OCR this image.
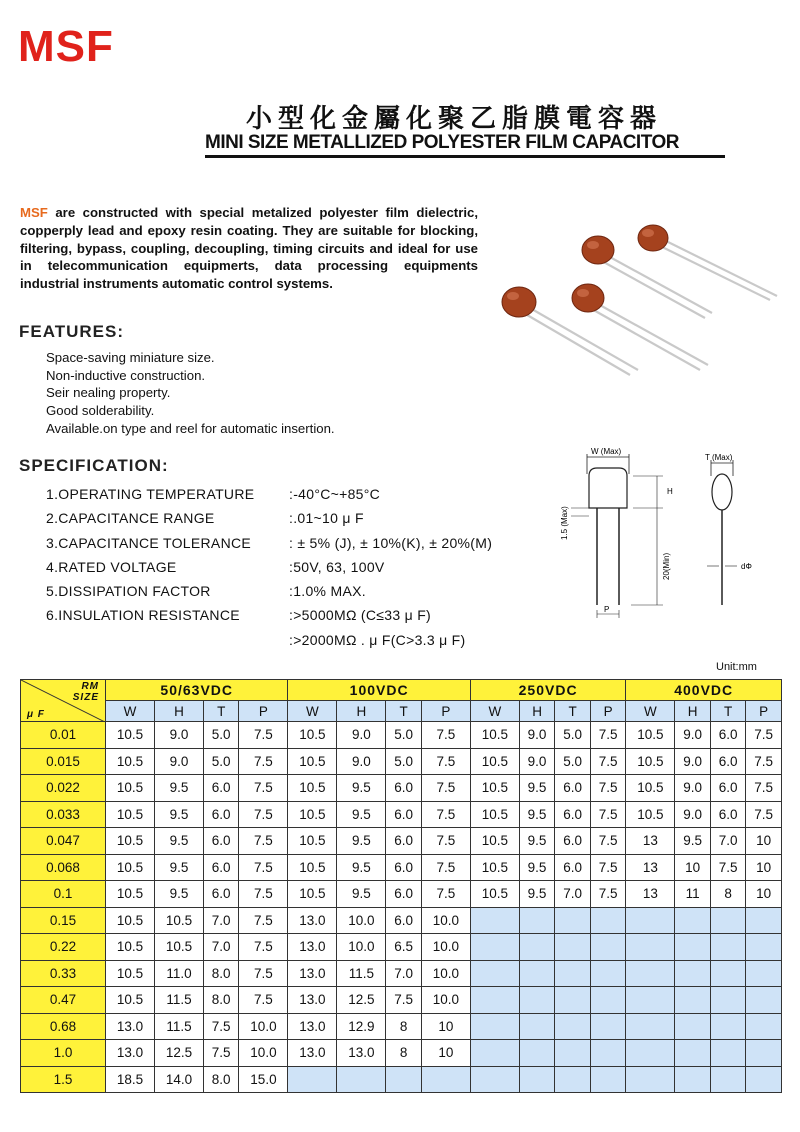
MSF
小型化金屬化聚乙脂膜電容器
MINI SIZE METALLIZED POLYESTER FILM CAPACITOR
MSF are constructed with special metalized polyester film dielectric, copperply lead and epoxy resin coating. They are suitable for blocking, filtering, bypass, coupling, decoupling, timing circuits and ideal for use in telecommunication equipmerts, data processing equipments industrial instruments automatic control systems.
FEATURES:
Space-saving miniature size.
Non-inductive construction.
Seir nealing property.
Good solderability.
Available.on type and reel for automatic insertion.
SPECIFICATION:
1.OPERATING TEMPERATURE :-40°C~+85°C
2.CAPACITANCE RANGE	:.01~10 μ F
3.CAPACITANCE TOLERANCE	: ± 5% (J), ± 10%(K), ± 20%(M)
4.RATED VOLTAGE	:50V, 63, 100V
5.DISSIPATION FACTOR	:1.0% MAX.
6.INSULATION RESISTANCE	:>5000MΩ (C≤33 μ F)
:>2000MΩ . μ F(C>3.3 μ F)
W (Max)
H
20(Min)
1.5 (Max)
P
T (Max)
dΦ
Unit:mm
RM
SIZE
μ F	50/63VDC				100VDC				250VDC				400VDC			
	W	H	T	P	W	H	T	P	W	H	T	P	W	H	T	P
0.01	10.5	9.0	5.0	7.5	10.5	9.0	5.0	7.5	10.5	9.0	5.0	7.5	10.5	9.0	6.0	7.5
0.015	10.5	9.0	5.0	7.5	10.5	9.0	5.0	7.5	10.5	9.0	5.0	7.5	10.5	9.0	6.0	7.5
0.022	10.5	9.5	6.0	7.5	10.5	9.5	6.0	7.5	10.5	9.5	6.0	7.5	10.5	9.0	6.0	7.5
0.033	10.5	9.5	6.0	7.5	10.5	9.5	6.0	7.5	10.5	9.5	6.0	7.5	10.5	9.0	6.0	7.5
0.047	10.5	9.5	6.0	7.5	10.5	9.5	6.0	7.5	10.5	9.5	6.0	7.5	13	9.5	7.0	10
0.068	10.5	9.5	6.0	7.5	10.5	9.5	6.0	7.5	10.5	9.5	6.0	7.5	13	10	7.5	10
0.1	10.5	9.5	6.0	7.5	10.5	9.5	6.0	7.5	10.5	9.5	7.0	7.5	13	11	8	10
0.15	10.5	10.5	7.0	7.5	13.0	10.0	6.0	10.0								
0.22	10.5	10.5	7.0	7.5	13.0	10.0	6.5	10.0								
0.33	10.5	11.0	8.0	7.5	13.0	11.5	7.0	10.0								
0.47	10.5	11.5	8.0	7.5	13.0	12.5	7.5	10.0								
0.68	13.0	11.5	7.5	10.0	13.0	12.9	8	10								
1.0	13.0	12.5	7.5	10.0	13.0	13.0	8	10								
1.5	18.5	14.0	8.0	15.0												
